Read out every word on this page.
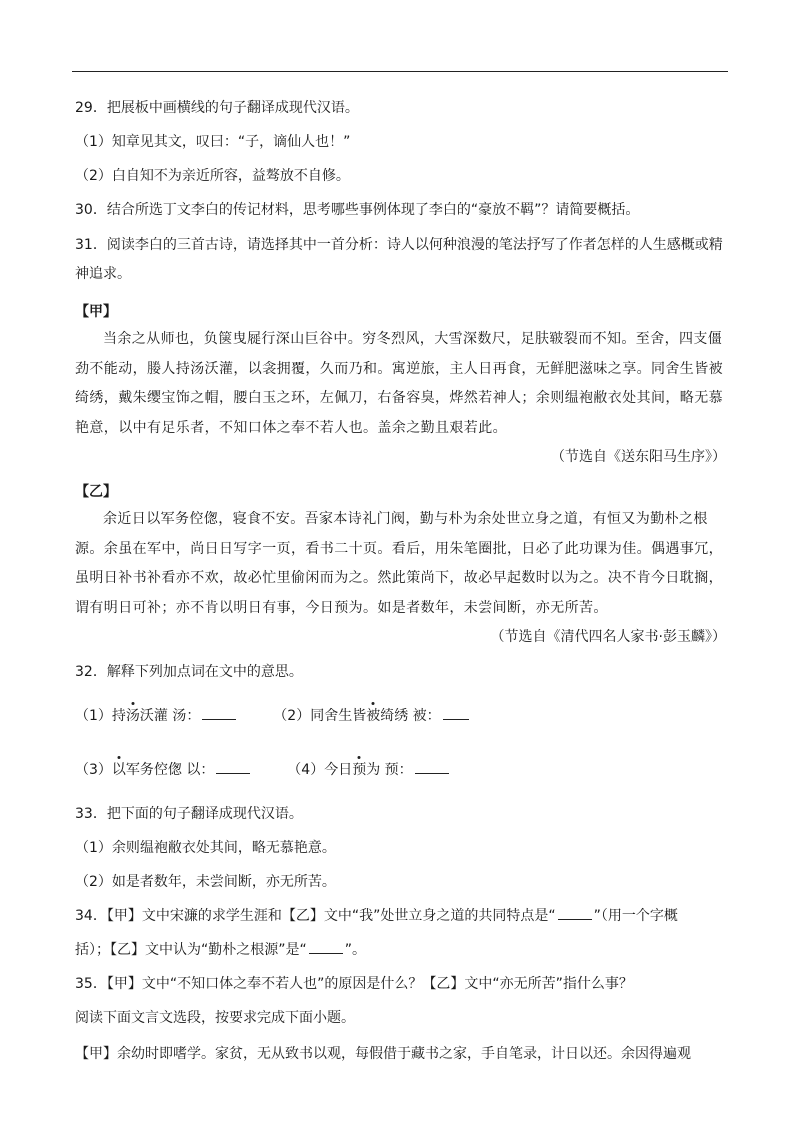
29．把展板中画横线的句子翻译成现代汉语。

（1）知章见其文，叹曰：“子，谪仙人也！”

（2）白自知不为亲近所容，益骜放不自修。

30．结合所选丁文李白的传记材料，思考哪些事例体现了李白的“豪放不羁”？请简要概括。

31．阅读李白的三首古诗，请选择其中一首分析：诗人以何种浪漫的笔法抒写了作者怎样的人生感概或精神追求。

【甲】

当余之从师也，负箧曳屣行深山巨谷中。穷冬烈风，大雪深数尺，足肤皲裂而不知。至舍，四支僵劲不能动，媵人持汤沃灌，以衾拥覆，久而乃和。寓逆旅，主人日再食，无鲜肥滋味之享。同舍生皆被绮绣，戴朱缨宝饰之帽，腰白玉之环，左佩刀，右备容臭，烨然若神人；余则缊袍敝衣处其间，略无慕艳意，以中有足乐者，不知口体之奉不若人也。盖余之勤且艰若此。

（节选自《送东阳马生序》）

【乙】

余近日以军务倥偬，寝食不安。吾家本诗礼门阀，勤与朴为余处世立身之道，有恒又为勤朴之根源。余虽在军中，尚日日写字一页，看书二十页。看后，用朱笔圈批，日必了此功课为佳。偶遇事冗，虽明日补书补看亦不欢，故必忙里偷闲而为之。然此策尚下，故必早起数时以为之。决不肯今日耽搁，谓有明日可补；亦不肯以明日有事，今日预为。如是者数年，未尝间断，亦无所苦。

（节选自《清代四名人家书·彭玉麟》）

32．解释下列加点词在文中的意思。

（1）持汤沃灌 汤：	（2）同舍生皆被绮绣 被：

（3）以军务倥偬 以：	（4）今日预为 预：

33．把下面的句子翻译成现代汉语。

（1）余则缊袍敝衣处其间，略无慕艳意。

（2）如是者数年，未尝间断，亦无所苦。

34．【甲】文中宋濂的求学生涯和【乙】文中“我”处世立身之道的共同特点是“	”（用一个字概

括）；【乙】文中认为“勤朴之根源”是“	”。

35．【甲】文中“不知口体之奉不若人也”的原因是什么？【乙】文中“亦无所苦”指什么事？

阅读下面文言文选段，按要求完成下面小题。

【甲】余幼时即嗜学。家贫，无从致书以观，每假借于藏书之家，手自笔录，计日以还。余因得遍观
